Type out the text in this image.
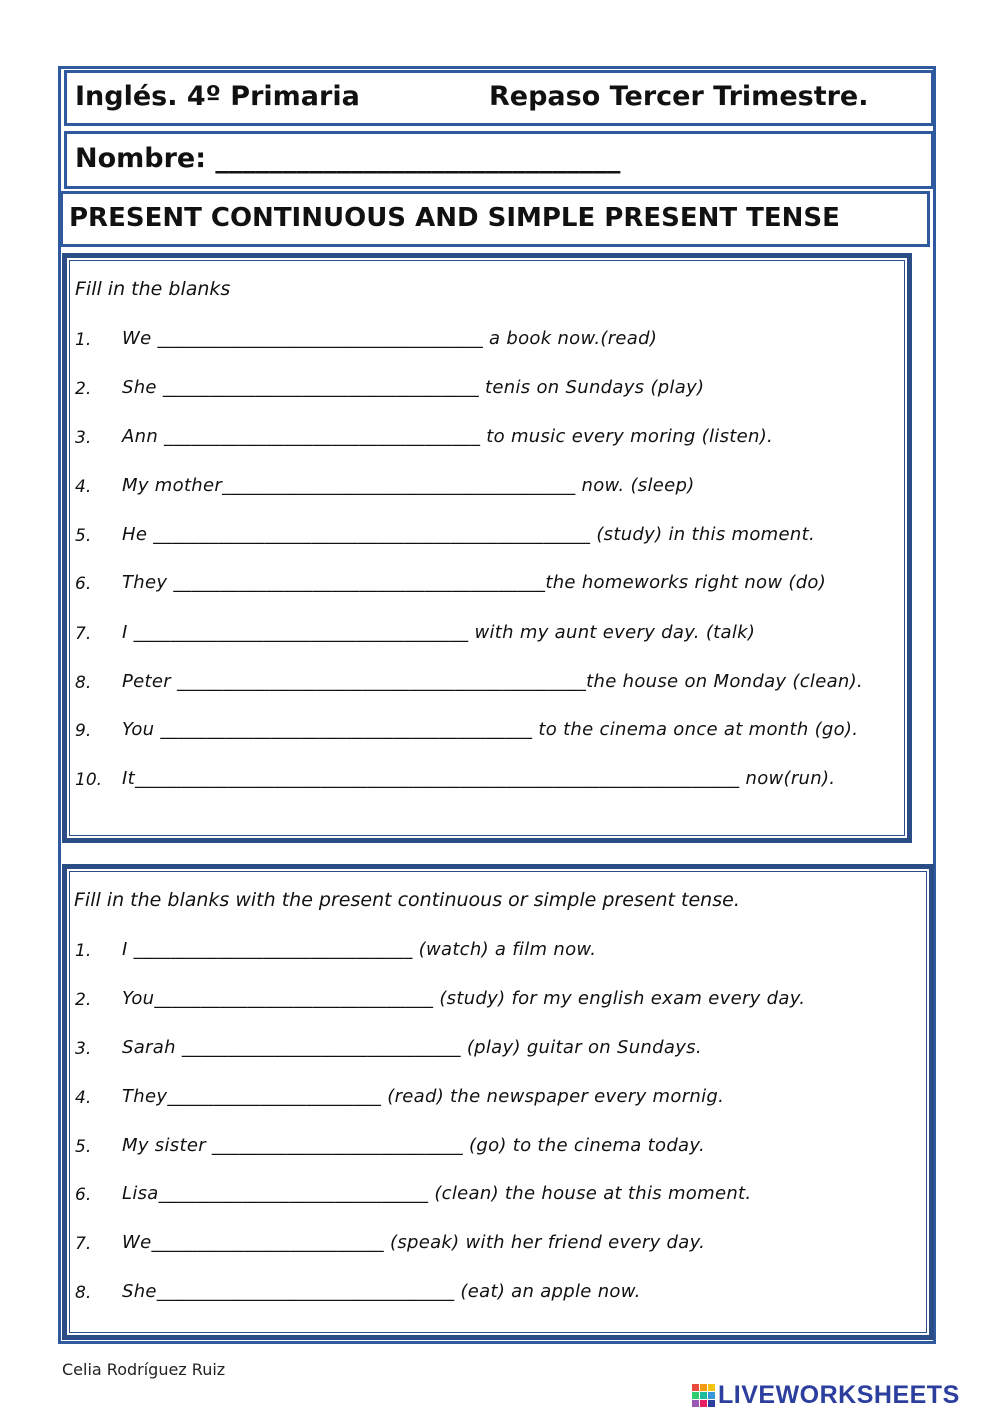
Inglés. 4º Primaria	Repaso Tercer Trimestre.
Nombre: ______________________________
PRESENT CONTINUOUS AND SIMPLE PRESENT TENSE
Fill in the blanks
1. We ___________________________________ a book now.(read)
2. She __________________________________ tenis on Sundays (play)
3. Ann __________________________________ to music every moring (listen).
4. My mother______________________________________ now. (sleep)
5. He _______________________________________________ (study) in this moment.
6. They ________________________________________the homeworks right now (do)
7. I ____________________________________ with my aunt every day. (talk)
8. Peter ____________________________________________the house on Monday (clean).
9. You ________________________________________ to the cinema once at month (go).
10. It_________________________________________________________________ now(run).
Fill in the blanks with the present continuous or simple present tense.
1. I ______________________________ (watch) a film now.
2. You______________________________ (study) for my english exam every day.
3. Sarah ______________________________ (play) guitar on Sundays.
4. They_______________________ (read) the newspaper every mornig.
5. My sister ___________________________ (go) to the cinema today.
6. Lisa_____________________________ (clean) the house at this moment.
7. We_________________________ (speak) with her friend every day.
8. She________________________________ (eat) an apple now.
Celia Rodríguez Ruiz
LIVEWORKSHEETS
